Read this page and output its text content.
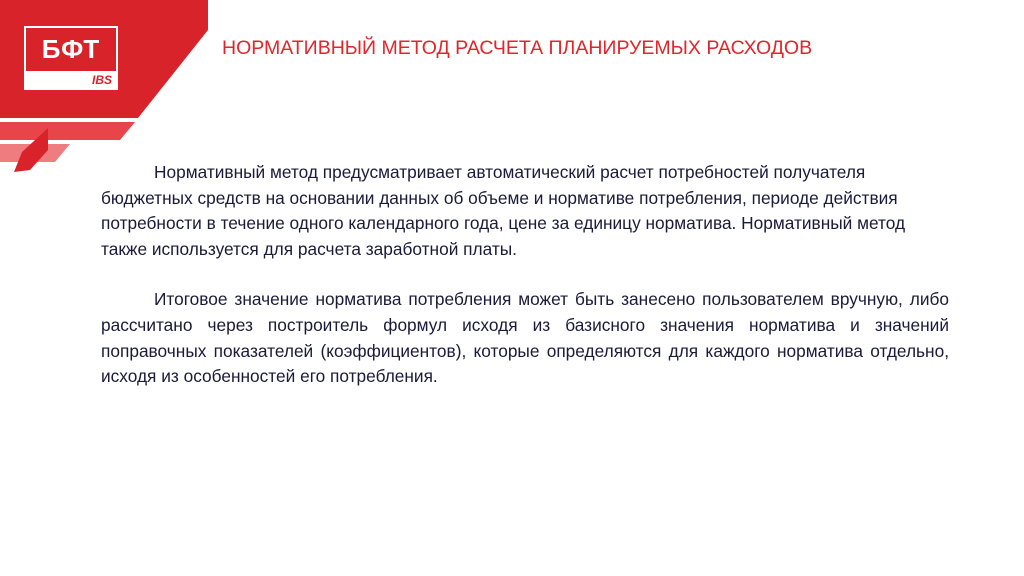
БФТ
IBS
НОРМАТИВНЫЙ МЕТОД РАСЧЕТА ПЛАНИРУЕМЫХ РАСХОДОВ

Нормативный метод предусматривает автоматический расчет потребностей получателя бюджетных средств на основании данных об объеме и нормативе потребления, периоде действия потребности в течение одного календарного года, цене за единицу норматива. Нормативный метод также используется для расчета заработной платы.

Итоговое значение норматива потребления может быть занесено пользователем вручную, либо рассчитано через построитель формул исходя из базисного значения норматива и значений поправочных показателей (коэффициентов), которые определяются для каждого норматива отдельно, исходя из особенностей его потребления.
